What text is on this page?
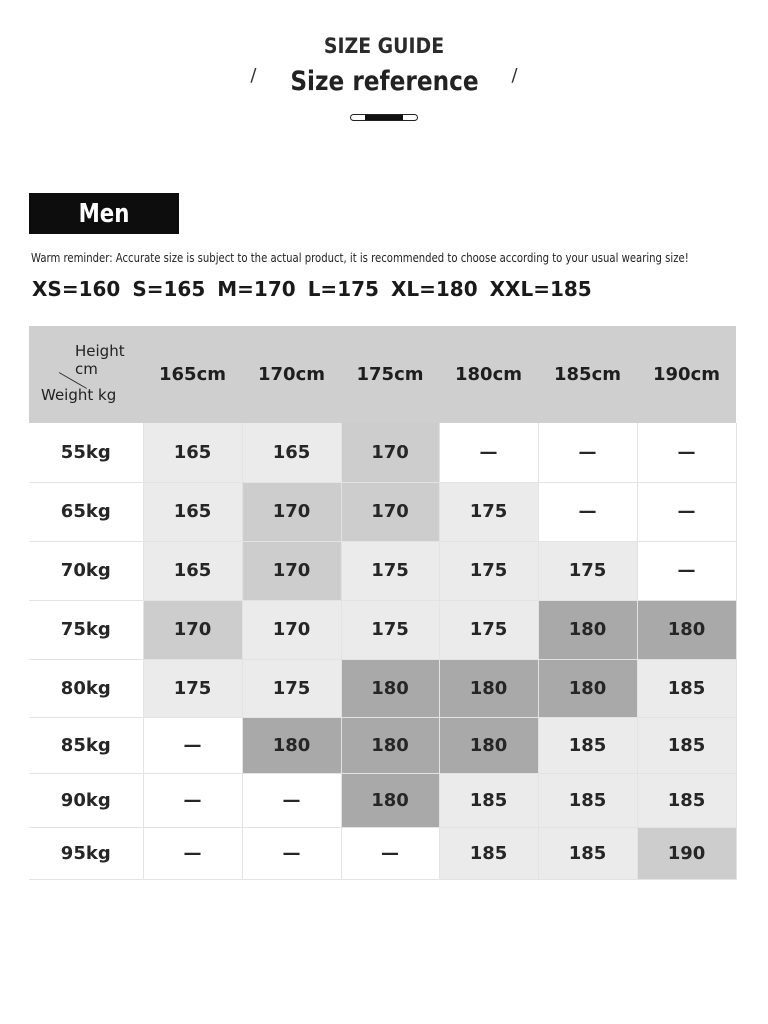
SIZE GUIDE
/ Size reference /
Men
Warm reminder: Accurate size is subject to the actual product, it is recommended to choose according to your usual wearing size!
XS=160 S=165 M=170 L=175 XL=180 XXL=185
Height cm
Weight kg	165cm	170cm	175cm	180cm	185cm	190cm
55kg	165	165	170	—	—	—
65kg	165	170	170	175	—	—
70kg	165	170	175	175	175	—
75kg	170	170	175	175	180	180
80kg	175	175	180	180	180	185
85kg	—	180	180	180	185	185
90kg	—	—	180	185	185	185
95kg	—	—	—	185	185	190
